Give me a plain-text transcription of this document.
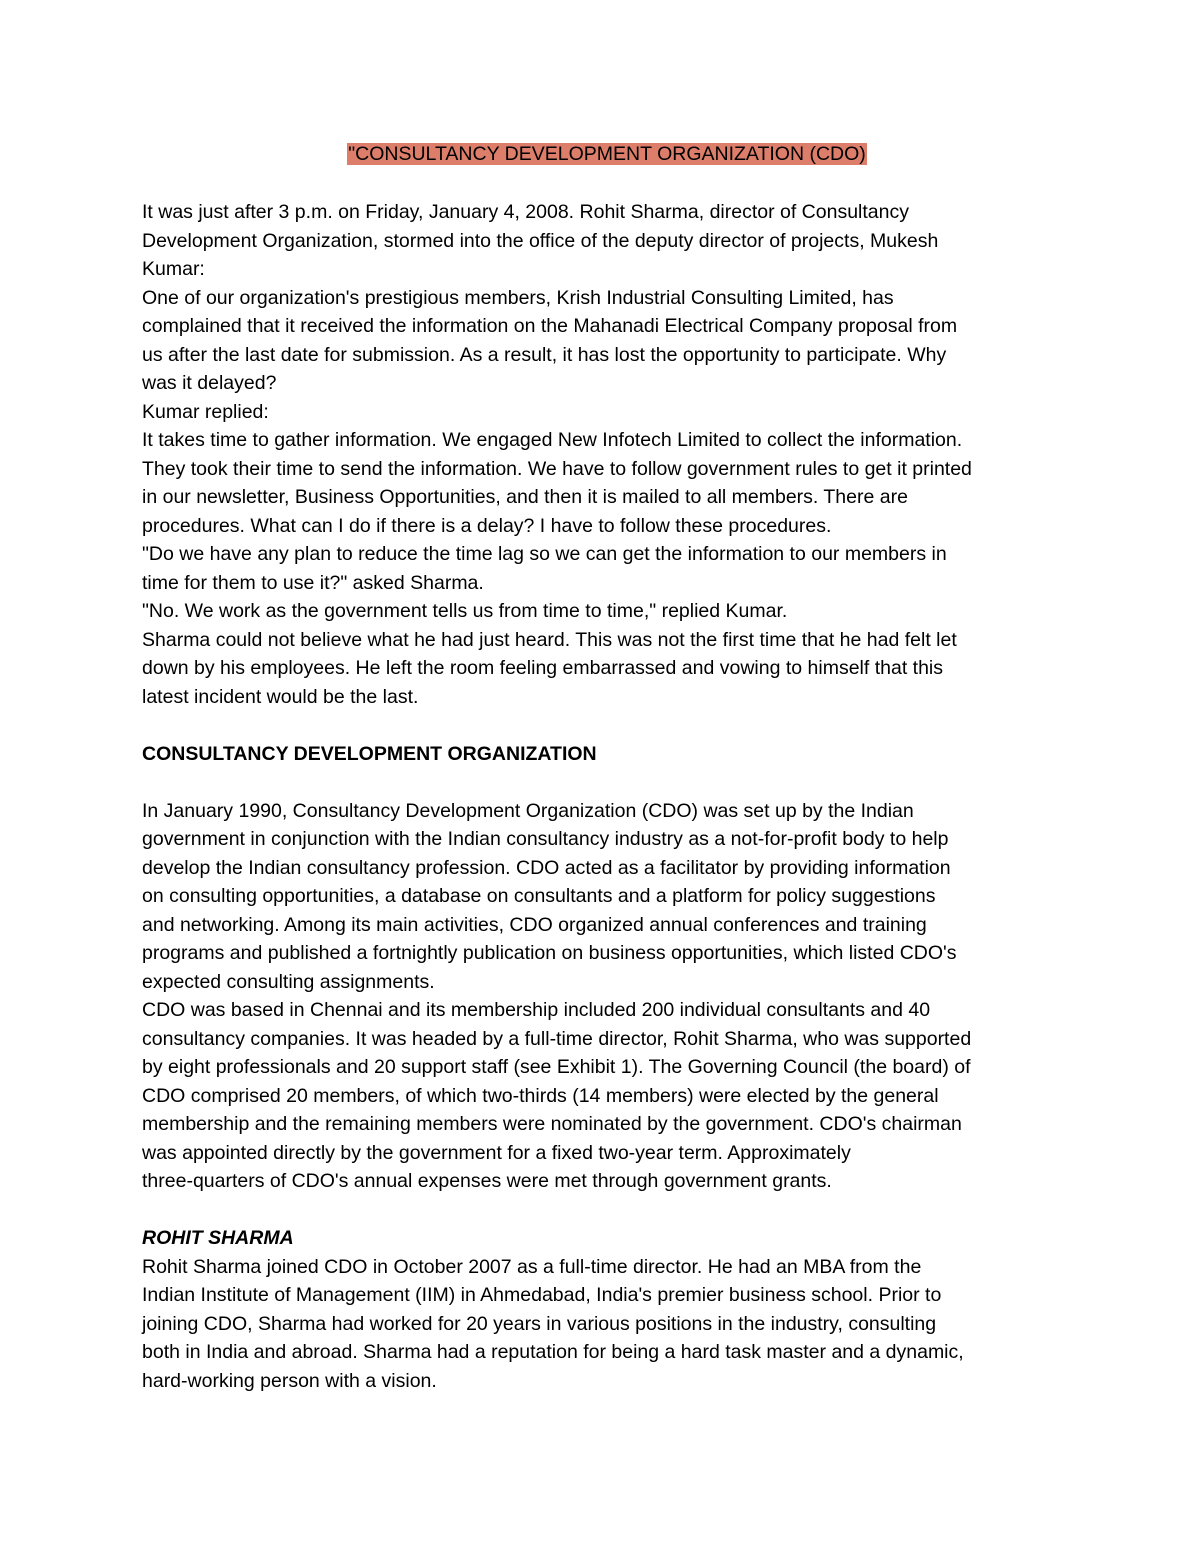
"CONSULTANCY DEVELOPMENT ORGANIZATION (CDO)

It was just after 3 p.m. on Friday, January 4, 2008. Rohit Sharma, director of Consultancy

Development Organization, stormed into the office of the deputy director of projects, Mukesh

Kumar:

One of our organization's prestigious members, Krish Industrial Consulting Limited, has

complained that it received the information on the Mahanadi Electrical Company proposal from

us after the last date for submission. As a result, it has lost the opportunity to participate. Why

was it delayed?

Kumar replied:

It takes time to gather information. We engaged New Infotech Limited to collect the information.

They took their time to send the information. We have to follow government rules to get it printed

in our newsletter, Business Opportunities, and then it is mailed to all members. There are

procedures. What can I do if there is a delay? I have to follow these procedures.

"Do we have any plan to reduce the time lag so we can get the information to our members in

time for them to use it?" asked Sharma.

"No. We work as the government tells us from time to time," replied Kumar.

Sharma could not believe what he had just heard. This was not the first time that he had felt let

down by his employees. He left the room feeling embarrassed and vowing to himself that this

latest incident would be the last.

CONSULTANCY DEVELOPMENT ORGANIZATION

In January 1990, Consultancy Development Organization (CDO) was set up by the Indian

government in conjunction with the Indian consultancy industry as a not-for-profit body to help

develop the Indian consultancy profession. CDO acted as a facilitator by providing information

on consulting opportunities, a database on consultants and a platform for policy suggestions

and networking. Among its main activities, CDO organized annual conferences and training

programs and published a fortnightly publication on business opportunities, which listed CDO's

expected consulting assignments.

CDO was based in Chennai and its membership included 200 individual consultants and 40

consultancy companies. It was headed by a full-time director, Rohit Sharma, who was supported

by eight professionals and 20 support staff (see Exhibit 1). The Governing Council (the board) of

CDO comprised 20 members, of which two-thirds (14 members) were elected by the general

membership and the remaining members were nominated by the government. CDO's chairman

was appointed directly by the government for a fixed two-year term. Approximately

three-quarters of CDO's annual expenses were met through government grants.

ROHIT SHARMA

Rohit Sharma joined CDO in October 2007 as a full-time director. He had an MBA from the

Indian Institute of Management (IIM) in Ahmedabad, India's premier business school. Prior to

joining CDO, Sharma had worked for 20 years in various positions in the industry, consulting

both in India and abroad. Sharma had a reputation for being a hard task master and a dynamic,

hard-working person with a vision.
